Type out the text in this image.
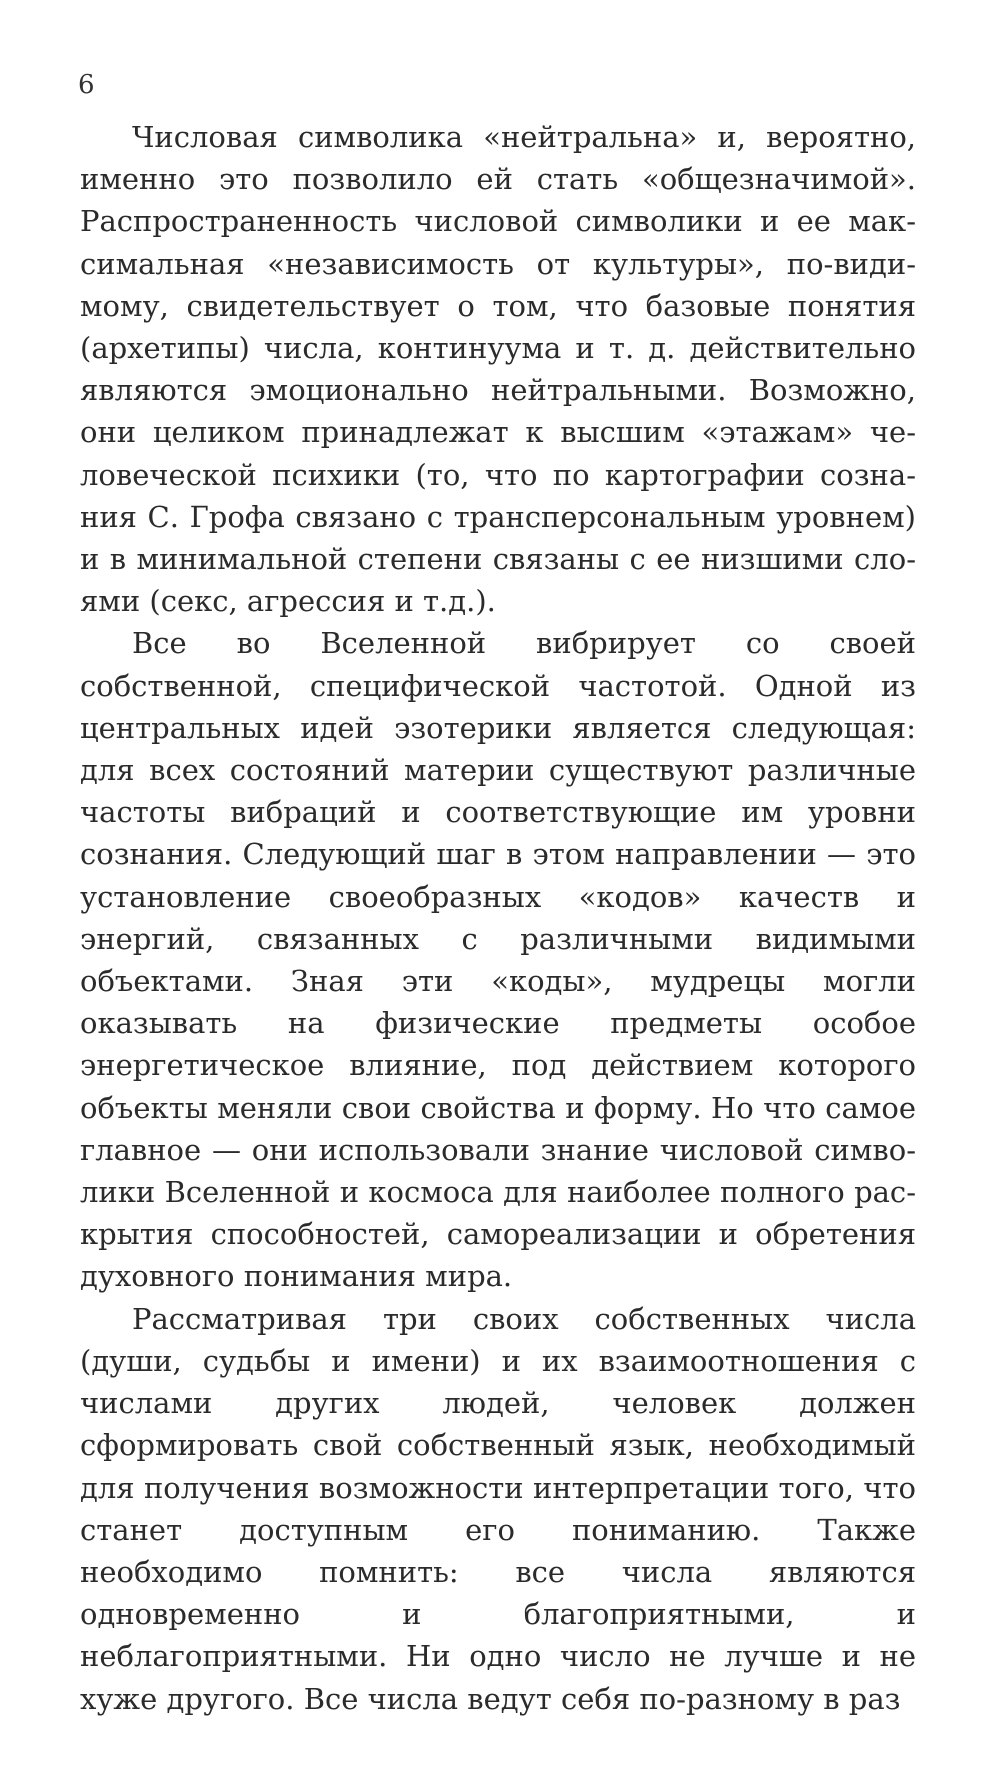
6

Числовая символика «нейтральна» и, вероятно, именно это позволило ей стать «общезначимой». Распространенность числовой символики и ее максимальная «независимость от культуры», по-видимому, свидетельствует о том, что базовые понятия (архетипы) числа, континуума и т. д. действительно являются эмоционально нейтральными. Возможно, они целиком принадлежат к высшим «этажам» человеческой психики (то, что по картографии сознания С. Грофа связано с трансперсональным уровнем) и в минимальной степени связаны с ее низшими слоями (секс, агрессия и т.д.).

Все во Вселенной вибрирует со своей собственной, специфической частотой. Одной из центральных идей эзотерики является следующая: для всех состояний материи существуют различные частоты вибраций и соответствующие им уровни сознания. Следующий шаг в этом направлении — это установление своеобразных «кодов» качеств и энергий, связанных с различными видимыми объектами. Зная эти «коды», мудрецы могли оказывать на физические предметы особое энергетическое влияние, под действием которого объекты меняли свои свойства и форму. Но что самое главное — они использовали знание числовой символики Вселенной и космоса для наиболее полного раскрытия способностей, самореализации и обретения духовного понимания мира.

Рассматривая три своих собственных числа (души, судьбы и имени) и их взаимоотношения с числами других людей, человек должен сформировать свой собственный язык, необходимый для получения возможности интерпретации того, что станет доступным его пониманию. Также необходимо помнить: все числа являются одновременно и благоприятными, и неблагоприятными. Ни одно число не лучше и не хуже другого. Все числа ведут себя по-разному в раз
